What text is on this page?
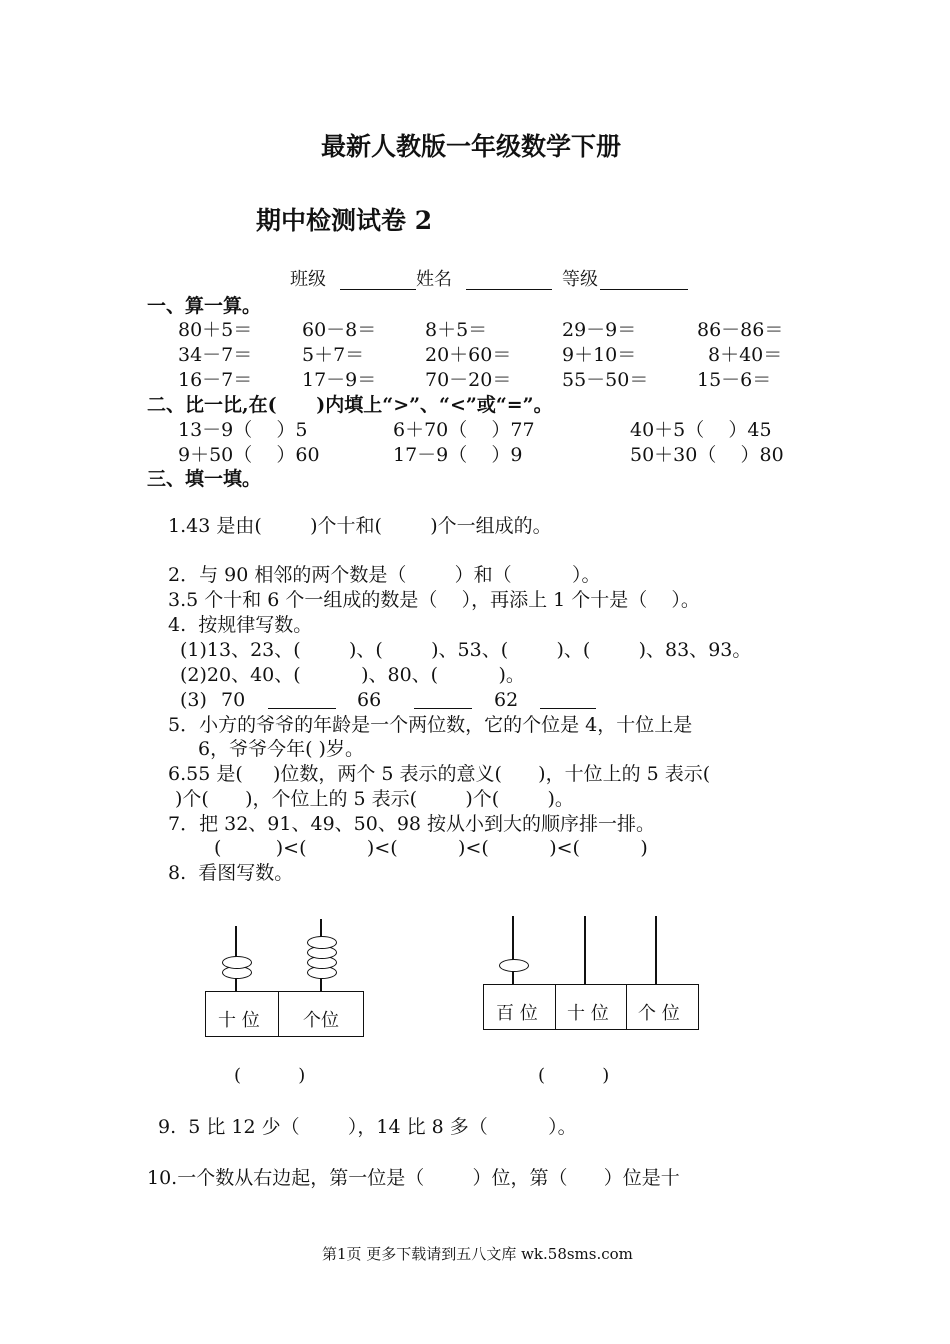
最新人教版一年级数学下册
期中检测试卷 2
班级	姓名	等级
一、算一算。
80＋5＝	60－8＝	8＋5＝	29－9＝	86－86＝
34－7＝	5＋7＝	20＋60＝	9＋10＝	8＋40＝
16－7＝	17－9＝	70－20＝	55－50＝	15－6＝
二、比一比,在(      )内填上“>”、“<”或“=”。
13－9（    ）5	6＋70（    ）77	40＋5（    ）45
9＋50（    ）60	17－9（    ）9	50＋30（    ）80
三、填一填。
1.43 是由(        )个十和(        )个一组成的。
2．与 90 相邻的两个数是（        ）和（          ）。
3.5 个十和 6 个一组成的数是（    ），再添上 1 个十是（    ）。
4.  按规律写数。
(1)13、23、(        )、(        )、53、(        )、(        )、83、93。
(2)20、40、(          )、80、(          )。
(3) 70	66	62
5．小方的爷爷的年龄是一个两位数，它的个位是 4，十位上是
6，爷爷今年( )岁。
6.55 是(     )位数，两个 5 表示的意义(      )，十位上的 5 表示(
)个(      )，个位上的 5 表示(        )个(        )。
7．把 32、91、49、50、98 按从小到大的顺序排一排。
(         )<(          )<(          )<(          )<(          )
8.  看图写数。
十 位 个位
(          )
百 位 十 位 个 位
(          )
9.  5 比 12 少（        ），14 比 8 多（          ）。
10.一个数从右边起，第一位是（        ）位，第（      ）位是十
第1页 更多下载请到五八文库 wk.58sms.com
